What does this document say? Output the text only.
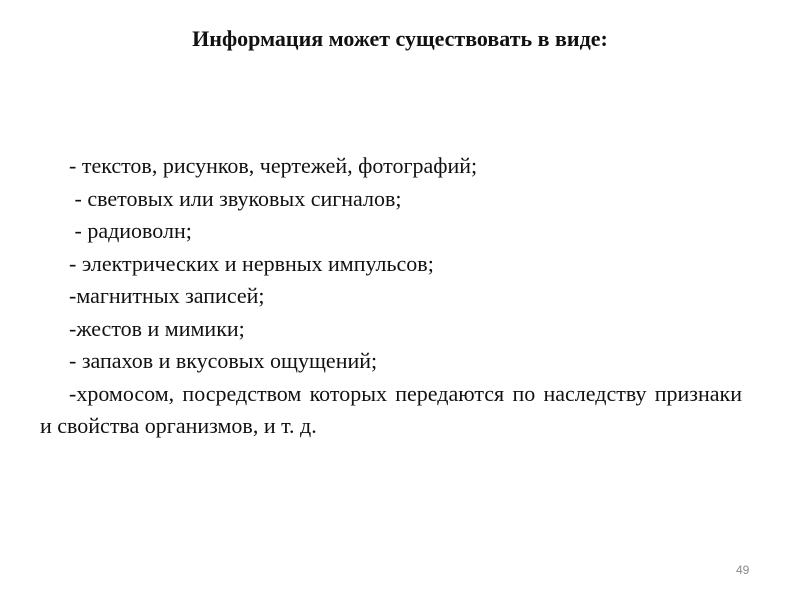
Информация может существовать в виде:
- текстов, рисунков, чертежей, фотографий;
- световых или звуковых сигналов;
- радиоволн;
- электрических и нервных импульсов;
-магнитных записей;
-жестов и мимики;
- запахов и вкусовых ощущений;
-хромосом, посредством которых передаются по наследству признаки и свойства организмов, и т. д.
49
